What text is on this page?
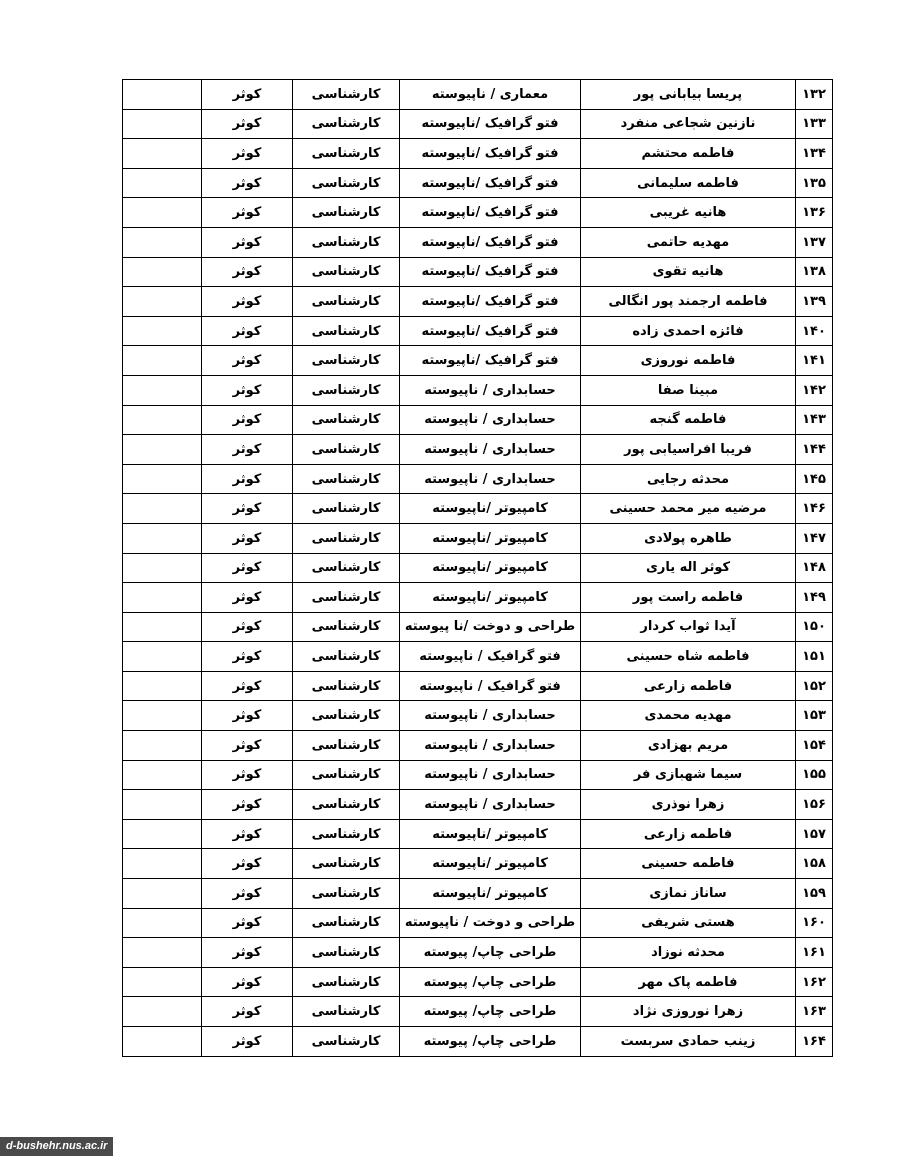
۱۳۲	پریسا بیابانی پور	معماری / ناپیوسته	کارشناسی	کوثر	
۱۳۳	نازنین شجاعی منفرد	فتو گرافیک /ناپیوسته	کارشناسی	کوثر	
۱۳۴	فاطمه محتشم	فتو گرافیک /ناپیوسته	کارشناسی	کوثر	
۱۳۵	فاطمه سلیمانی	فتو گرافیک /ناپیوسته	کارشناسی	کوثر	
۱۳۶	هانیه غریبی	فتو گرافیک /ناپیوسته	کارشناسی	کوثر	
۱۳۷	مهدیه حاتمی	فتو گرافیک /ناپیوسته	کارشناسی	کوثر	
۱۳۸	هانیه تقوی	فتو گرافیک /ناپیوسته	کارشناسی	کوثر	
۱۳۹	فاطمه ارجمند پور انگالی	فتو گرافیک /ناپیوسته	کارشناسی	کوثر	
۱۴۰	فائزه احمدی زاده	فتو گرافیک /ناپیوسته	کارشناسی	کوثر	
۱۴۱	فاطمه نوروزی	فتو گرافیک /ناپیوسته	کارشناسی	کوثر	
۱۴۲	مبینا صفا	حسابداری / ناپیوسته	کارشناسی	کوثر	
۱۴۳	فاطمه گنجه	حسابداری / ناپیوسته	کارشناسی	کوثر	
۱۴۴	فریبا افراسیابی پور	حسابداری / ناپیوسته	کارشناسی	کوثر	
۱۴۵	محدثه رجایی	حسابداری / ناپیوسته	کارشناسی	کوثر	
۱۴۶	مرضیه میر محمد حسینی	کامپیوتر /ناپیوسته	کارشناسی	کوثر	
۱۴۷	طاهره پولادی	کامپیوتر /ناپیوسته	کارشناسی	کوثر	
۱۴۸	کوثر اله یاری	کامپیوتر /ناپیوسته	کارشناسی	کوثر	
۱۴۹	فاطمه راست پور	کامپیوتر /ناپیوسته	کارشناسی	کوثر	
۱۵۰	آیدا ثواب کردار	طراحی و دوخت /نا پیوسته	کارشناسی	کوثر	
۱۵۱	فاطمه شاه حسینی	فتو گرافیک / ناپیوسته	کارشناسی	کوثر	
۱۵۲	فاطمه زارعی	فتو گرافیک / ناپیوسته	کارشناسی	کوثر	
۱۵۳	مهدیه محمدی	حسابداری / ناپیوسته	کارشناسی	کوثر	
۱۵۴	مریم بهزادی	حسابداری / ناپیوسته	کارشناسی	کوثر	
۱۵۵	سیما شهبازی فر	حسابداری / ناپیوسته	کارشناسی	کوثر	
۱۵۶	زهرا نوذری	حسابداری / ناپیوسته	کارشناسی	کوثر	
۱۵۷	فاطمه زارعی	کامپیوتر /ناپیوسته	کارشناسی	کوثر	
۱۵۸	فاطمه حسینی	کامپیوتر /ناپیوسته	کارشناسی	کوثر	
۱۵۹	ساناز نمازی	کامپیوتر /ناپیوسته	کارشناسی	کوثر	
۱۶۰	هستی شریفی	طراحی و دوخت / ناپیوسته	کارشناسی	کوثر	
۱۶۱	محدثه نوزاد	طراحی چاپ/ پیوسته	کارشناسی	کوثر	
۱۶۲	فاطمه پاک مهر	طراحی چاپ/ پیوسته	کارشناسی	کوثر	
۱۶۳	زهرا نوروزی نژاد	طراحی چاپ/ پیوسته	کارشناسی	کوثر	
۱۶۴	زینب حمادی سربست	طراحی چاپ/ پیوسته	کارشناسی	کوثر	
d-bushehr.nus.ac.ir
